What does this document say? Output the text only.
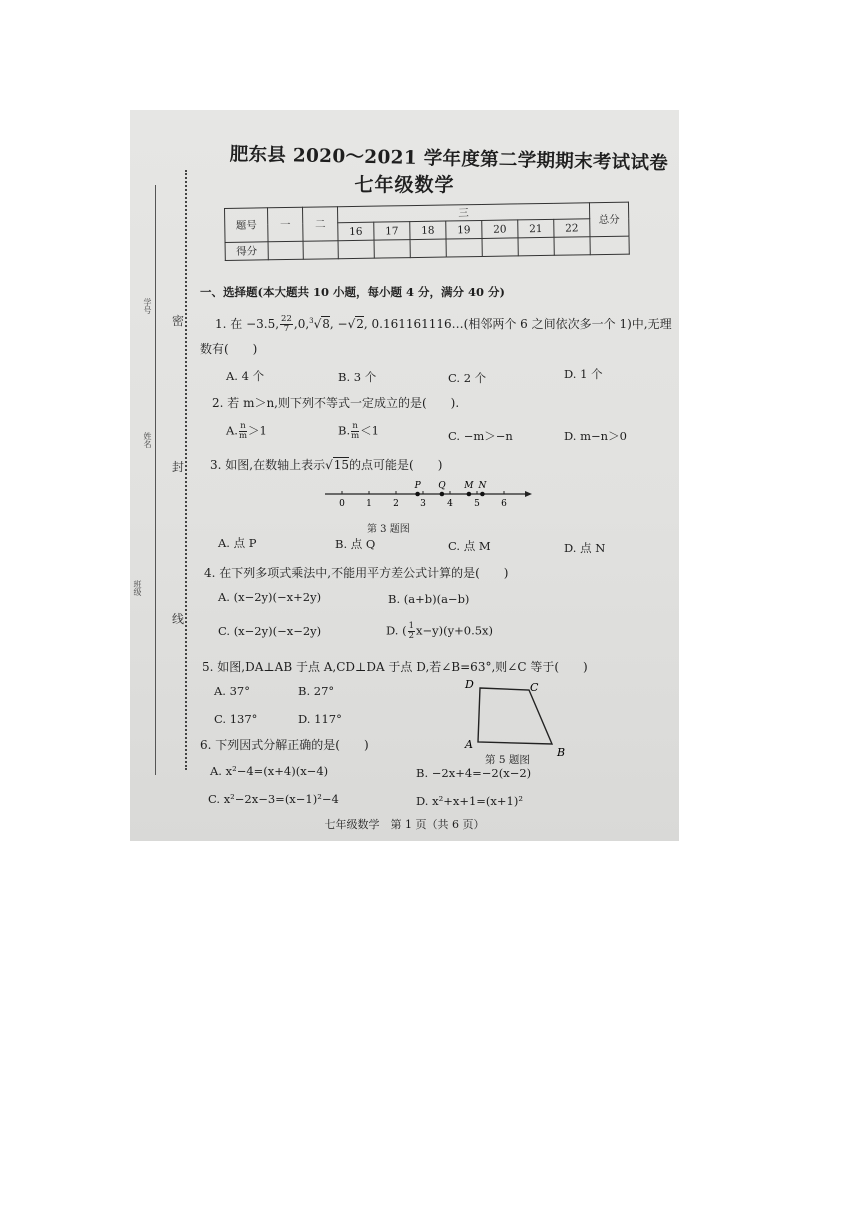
学号
姓名
班级
密
封
线
肥东县 2020～2021 学年度第二学期期末考试试卷
七年级数学
题号	一	二	三							总分
			16	17	18	19	20	21	22	
得分										
一、选择题(本大题共 10 小题，每小题 4 分，满分 40 分)
1. 在 −3.5, $\frac{22}{7} ,0,^3√8$, −√2, 0.161161116…(相邻两个 6 之间依次多一个 1)中,无理
数有(　　)
A. 4 个	B. 3 个	C. 2 个	D. 1 个
2. 若 m＞n,则下列不等式一定成立的是(　　).
A. $\frac{n}{m} >1$	B. $\frac{n}{m} <1$	C. −m＞−n	D. m−n＞0
3. 如图,在数轴上表示√15的点可能是(　　)
0 1 2 3 4 5 6
P Q M N
第 3 题图
A. 点 P	B. 点 Q	C. 点 M	D. 点 N
4. 在下列多项式乘法中,不能用平方差公式计算的是(　　)
A. (x−2y)(−x+2y)	B. (a+b)(a−b)
C. (x−2y)(−x−2y)	D. ( $\frac{1}{2} x-y)(y+0.5x)$
5. 如图,DA⊥AB 于点 A,CD⊥DA 于点 D,若∠B=63°,则∠C 等于(　　)
A. 37°	B. 27°
C. 137°	D. 117°
D	C
A
B
第 5 题图
6. 下列因式分解正确的是(　　)
A. x²−4=(x+4)(x−4)	B. −2x+4=−2(x−2)
C. x²−2x−3=(x−1)²−4	D. x²+x+1=(x+1)²
七年级数学　第 1 页（共 6 页）
